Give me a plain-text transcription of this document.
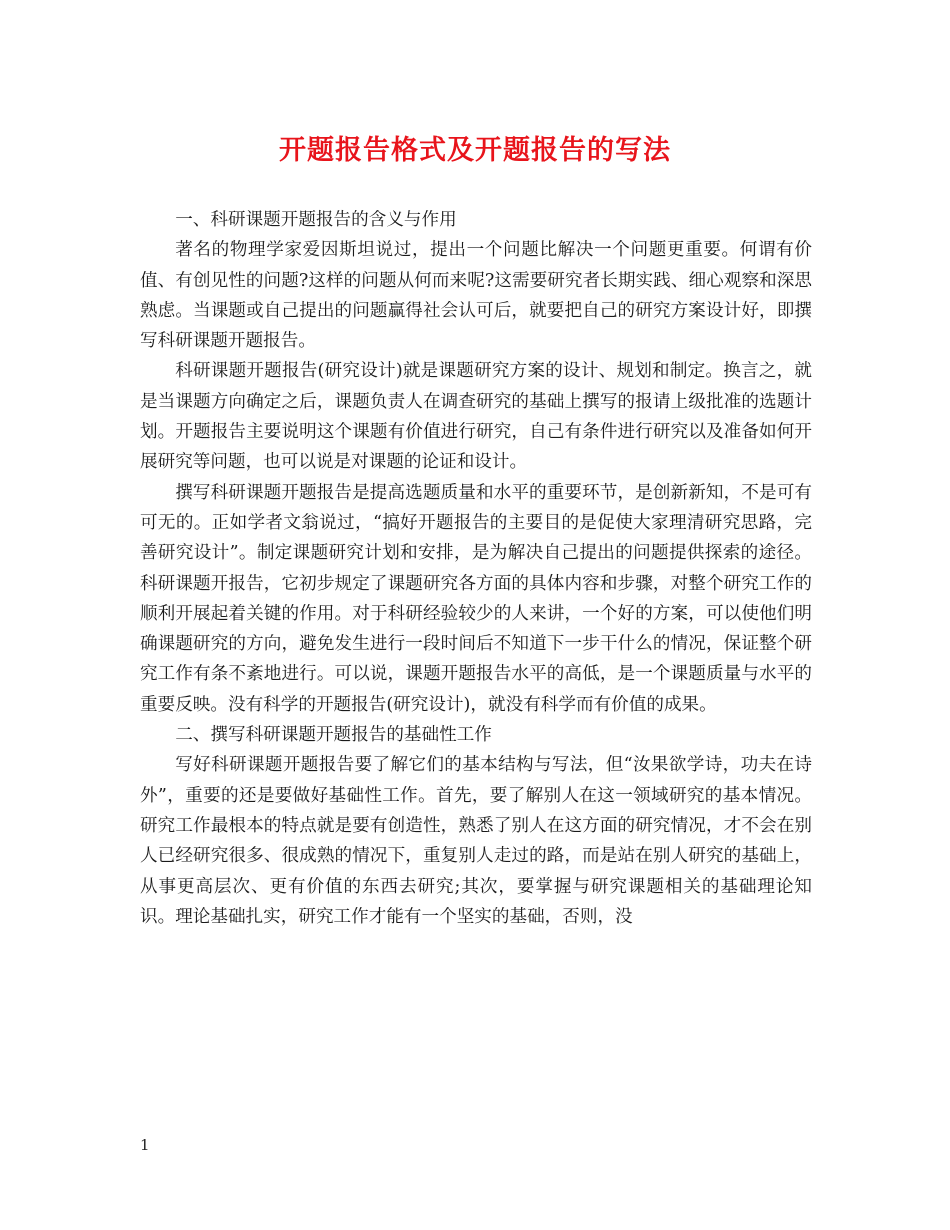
开题报告格式及开题报告的写法

一、科研课题开题报告的含义与作用

著名的物理学家爱因斯坦说过，提出一个问题比解决一个问题更重要。何谓有价值、有创见性的问题?这样的问题从何而来呢?这需要研究者长期实践、细心观察和深思熟虑。当课题或自己提出的问题赢得社会认可后，就要把自己的研究方案设计好，即撰写科研课题开题报告。

科研课题开题报告(研究设计)就是课题研究方案的设计、规划和制定。换言之，就是当课题方向确定之后，课题负责人在调查研究的基础上撰写的报请上级批准的选题计划。开题报告主要说明这个课题有价值进行研究，自己有条件进行研究以及准备如何开展研究等问题，也可以说是对课题的论证和设计。

撰写科研课题开题报告是提高选题质量和水平的重要环节，是创新新知，不是可有可无的。正如学者文翁说过，“搞好开题报告的主要目的是促使大家理清研究思路，完善研究设计”。制定课题研究计划和安排，是为解决自己提出的问题提供探索的途径。科研课题开报告，它初步规定了课题研究各方面的具体内容和步骤，对整个研究工作的顺利开展起着关键的作用。对于科研经验较少的人来讲，一个好的方案，可以使他们明确课题研究的方向，避免发生进行一段时间后不知道下一步干什么的情况，保证整个研究工作有条不紊地进行。可以说，课题开题报告水平的高低，是一个课题质量与水平的重要反映。没有科学的开题报告(研究设计)，就没有科学而有价值的成果。

二、撰写科研课题开题报告的基础性工作

写好科研课题开题报告要了解它们的基本结构与写法，但“汝果欲学诗，功夫在诗外”，重要的还是要做好基础性工作。首先，要了解别人在这一领域研究的基本情况。研究工作最根本的特点就是要有创造性，熟悉了别人在这方面的研究情况，才不会在别人已经研究很多、很成熟的情况下，重复别人走过的路，而是站在别人研究的基础上，从事更高层次、更有价值的东西去研究;其次，要掌握与研究课题相关的基础理论知识。理论基础扎实，研究工作才能有一个坚实的基础，否则，没

1
